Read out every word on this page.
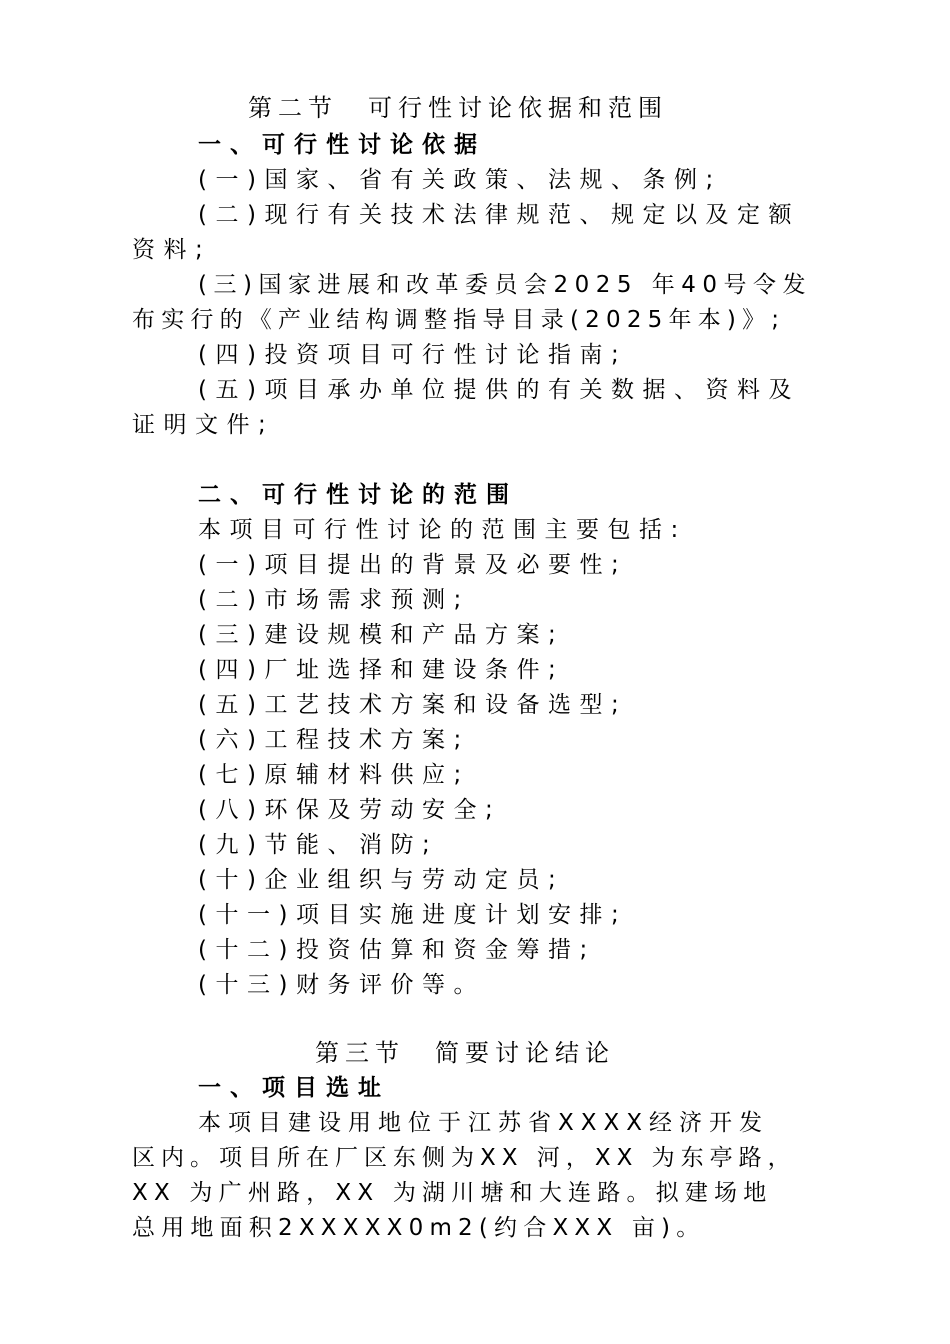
第二节　可行性讨论依据和范围
一、可行性讨论依据
(一)国家、省有关政策、法规、条例;
(二)现行有关技术法律规范、规定以及定额
资料;
(三)国家进展和改革委员会2025 年40号令发
布实行的《产业结构调整指导目录(2025年本)》;
(四)投资项目可行性讨论指南;
(五)项目承办单位提供的有关数据、资料及
证明文件;
二、可行性讨论的范围
本项目可行性讨论的范围主要包括:
(一)项目提出的背景及必要性;
(二)市场需求预测;
(三)建设规模和产品方案;
(四)厂址选择和建设条件;
(五)工艺技术方案和设备选型;
(六)工程技术方案;
(七)原辅材料供应;
(八)环保及劳动安全;
(九)节能、消防;
(十)企业组织与劳动定员;
(十一)项目实施进度计划安排;
(十二)投资估算和资金筹措;
(十三)财务评价等。
第三节　简要讨论结论
一、项目选址
本项目建设用地位于江苏省XXXX经济开发
区内。项目所在厂区东侧为XX 河，XX 为东亭路，
XX 为广州路，XX 为湖川塘和大连路。拟建场地
总用地面积2XXXXX0m2(约合XXX 亩)。
